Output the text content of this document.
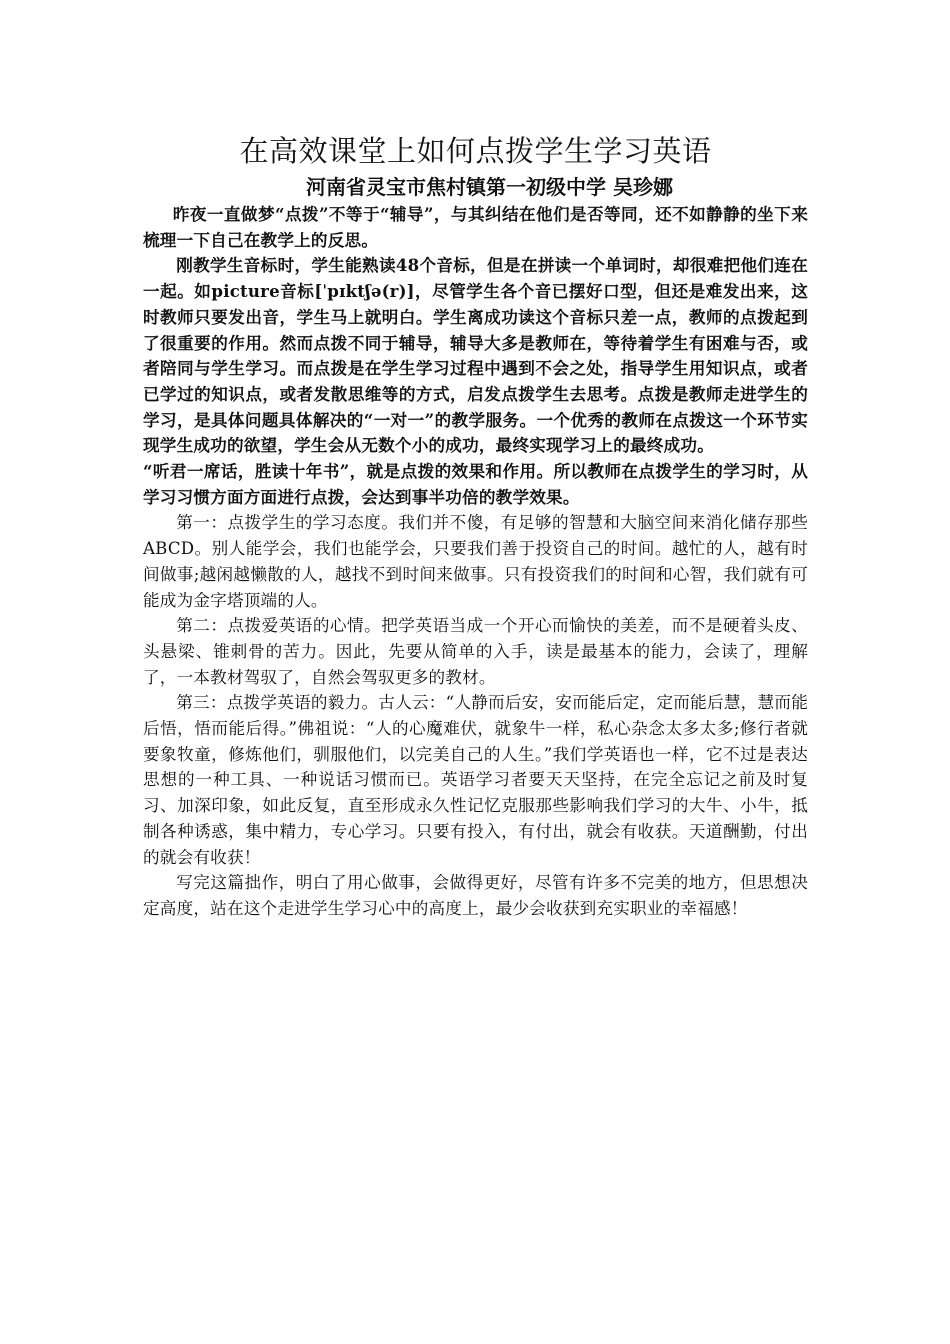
在高效课堂上如何点拨学生学习英语
河南省灵宝市焦村镇第一初级中学 吴珍娜

昨夜一直做梦“点拨”不等于“辅导”，与其纠结在他们是否等同，还不如静静的坐下来梳理一下自己在教学上的反思。

刚教学生音标时，学生能熟读48个音标，但是在拼读一个单词时，却很难把他们连在一起。如picture音标[ˈpɪktʃə(r)]，尽管学生各个音已摆好口型，但还是难发出来，这时教师只要发出音，学生马上就明白。学生离成功读这个音标只差一点，教师的点拨起到了很重要的作用。然而点拨不同于辅导，辅导大多是教师在，等待着学生有困难与否，或者陪同与学生学习。而点拨是在学生学习过程中遇到不会之处，指导学生用知识点，或者已学过的知识点，或者发散思维等的方式，启发点拨学生去思考。点拨是教师走进学生的学习，是具体问题具体解决的“一对一”的教学服务。一个优秀的教师在点拨这一个环节实现学生成功的欲望，学生会从无数个小的成功，最终实现学习上的最终成功。

“听君一席话，胜读十年书”，就是点拨的效果和作用。所以教师在点拨学生的学习时，从学习习惯方面方面进行点拨，会达到事半功倍的教学效果。

第一：点拨学生的学习态度。我们并不傻，有足够的智慧和大脑空间来消化储存那些ABCD。别人能学会，我们也能学会，只要我们善于投资自己的时间。越忙的人，越有时间做事;越闲越懒散的人，越找不到时间来做事。只有投资我们的时间和心智，我们就有可能成为金字塔顶端的人。

第二：点拨爱英语的心情。把学英语当成一个开心而愉快的美差，而不是硬着头皮、头悬梁、锥刺骨的苦力。因此，先要从简单的入手，读是最基本的能力，会读了，理解了，一本教材驾驭了，自然会驾驭更多的教材。

第三：点拨学英语的毅力。古人云：“人静而后安，安而能后定，定而能后慧，慧而能后悟，悟而能后得。”佛祖说：“人的心魔难伏，就象牛一样，私心杂念太多太多;修行者就要象牧童，修炼他们，驯服他们，以完美自己的人生。”我们学英语也一样，它不过是表达思想的一种工具、一种说话习惯而已。英语学习者要天天坚持，在完全忘记之前及时复习、加深印象，如此反复，直至形成永久性记忆克服那些影响我们学习的大牛、小牛，抵制各种诱惑，集中精力，专心学习。只要有投入，有付出，就会有收获。天道酬勤，付出的就会有收获！

写完这篇拙作，明白了用心做事，会做得更好，尽管有许多不完美的地方，但思想决定高度，站在这个走进学生学习心中的高度上，最少会收获到充实职业的幸福感！
